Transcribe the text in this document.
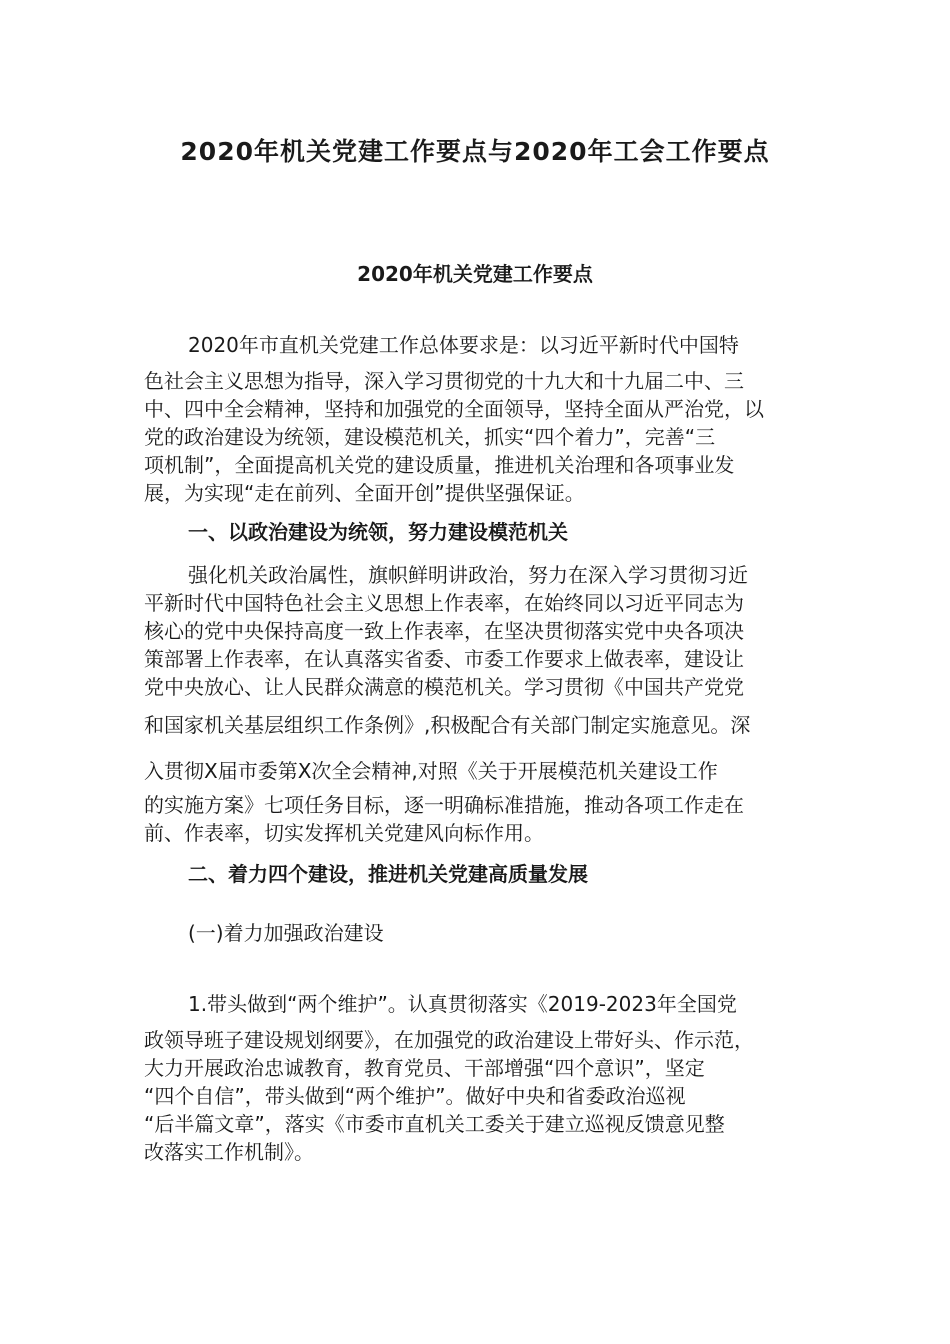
2020年机关党建工作要点与2020年工会工作要点
2020年机关党建工作要点
2020年市直机关党建工作总体要求是：以习近平新时代中国特
色社会主义思想为指导，深入学习贯彻党的十九大和十九届二中、三
中、四中全会精神，坚持和加强党的全面领导，坚持全面从严治党，以
党的政治建设为统领，建设模范机关，抓实“四个着力”，完善“三
项机制”，全面提高机关党的建设质量，推进机关治理和各项事业发
展，为实现“走在前列、全面开创”提供坚强保证。
一、以政治建设为统领，努力建设模范机关
强化机关政治属性，旗帜鲜明讲政治，努力在深入学习贯彻习近
平新时代中国特色社会主义思想上作表率，在始终同以习近平同志为
核心的党中央保持高度一致上作表率，在坚决贯彻落实党中央各项决
策部署上作表率，在认真落实省委、市委工作要求上做表率，建设让
党中央放心、让人民群众满意的模范机关。学习贯彻《中国共产党党
和国家机关基层组织工作条例》,积极配合有关部门制定实施意见。深
入贯彻X届市委第X次全会精神,对照《关于开展模范机关建设工作
的实施方案》七项任务目标，逐一明确标准措施，推动各项工作走在
前、作表率，切实发挥机关党建风向标作用。
二、着力四个建设，推进机关党建高质量发展

(一)着力加强政治建设

1.带头做到“两个维护”。认真贯彻落实《2019-2023年全国党
政领导班子建设规划纲要》，在加强党的政治建设上带好头、作示范，
大力开展政治忠诚教育，教育党员、干部增强“四个意识”，坚定
“四个自信”，带头做到“两个维护”。做好中央和省委政治巡视
“后半篇文章”，落实《市委市直机关工委关于建立巡视反馈意见整
改落实工作机制》。
